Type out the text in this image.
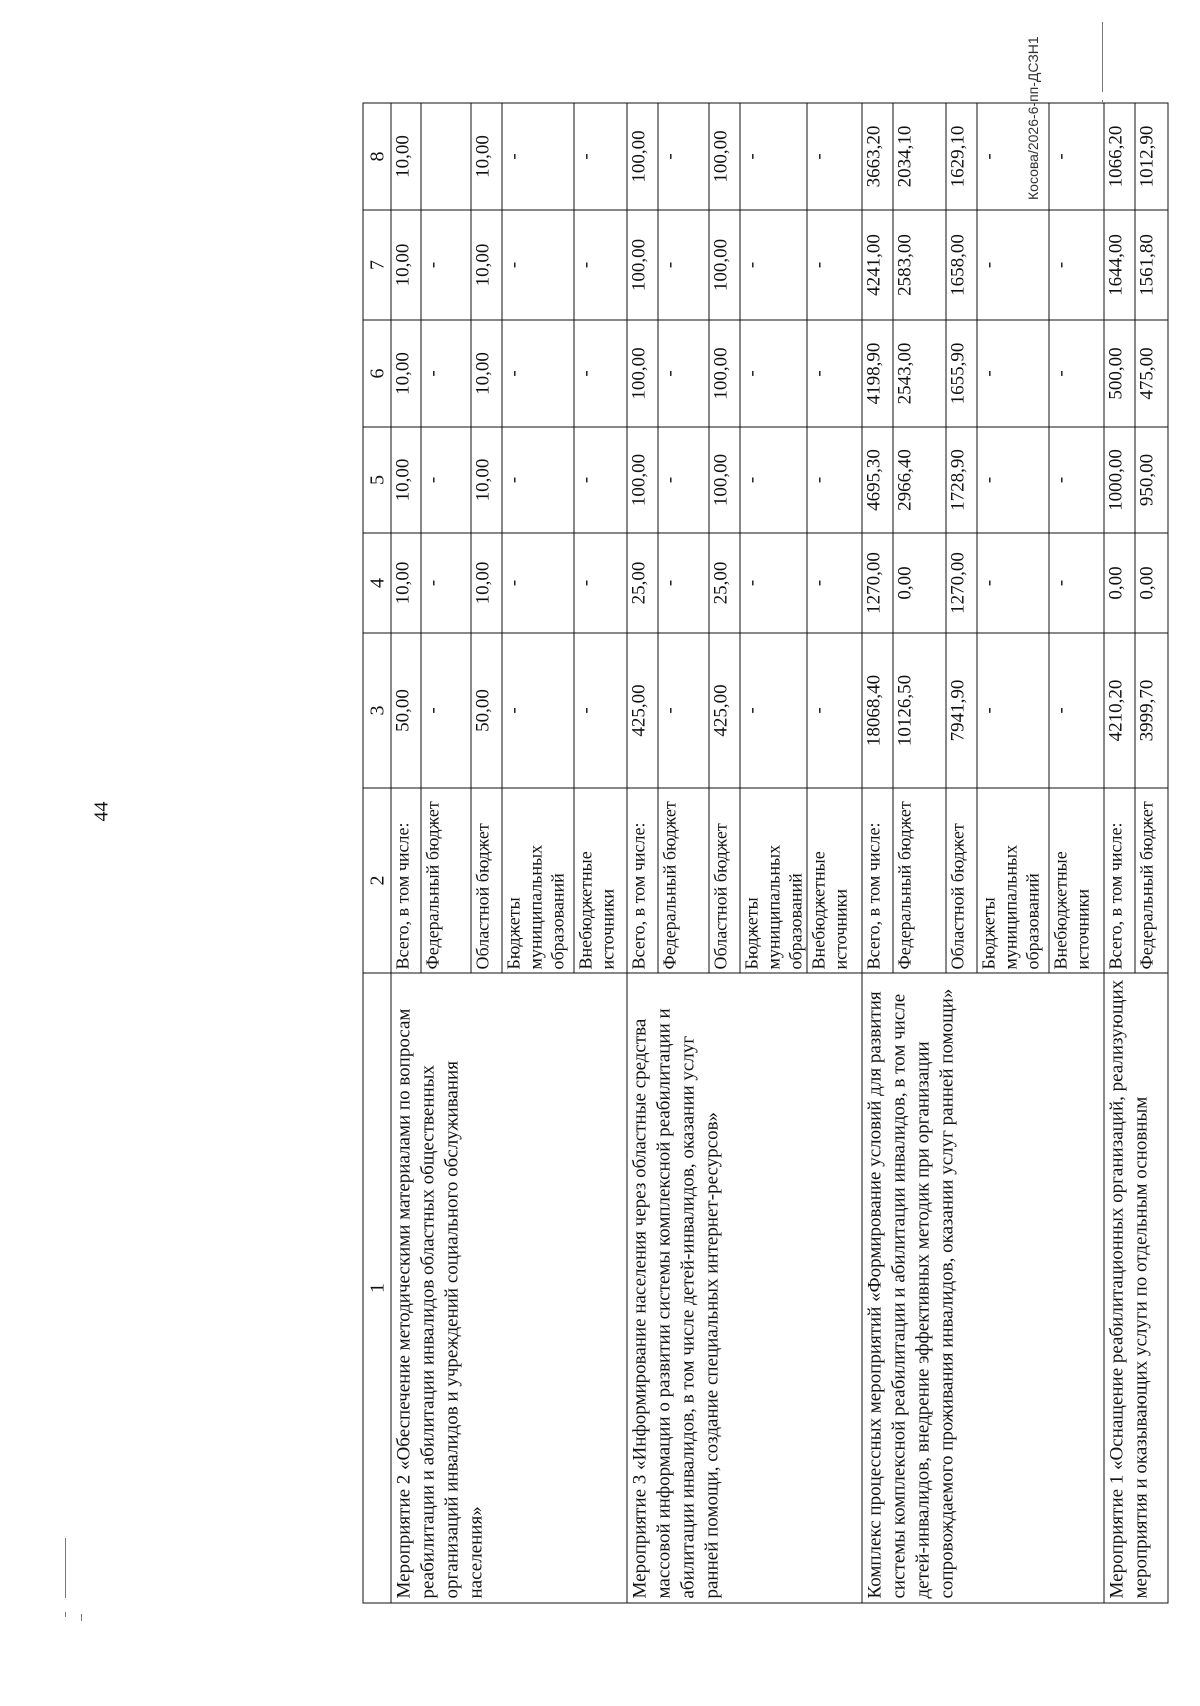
44
1	2	3	4	5	6	7	8
Мероприятие 2 «Обеспечение методическими материалами по вопросам реабилитации и абилитации инвалидов областных общественных организаций инвалидов и учреждений социального обслуживания населения»	Всего, в том числе:	50,00	10,00	10,00	10,00	10,00	10,00
	Федеральный бюджет	-	-	-	-	-	
	Областной бюджет	50,00	10,00	10,00	10,00	10,00	10,00
	Бюджеты муниципальных образований	-	-	-	-	-	-
	Внебюджетные источники	-	-	-	-	-	-
Мероприятие 3 «Информирование населения через областные средства массовой информации о развитии системы комплексной реабилитации и абилитации инвалидов, в том числе детей-инвалидов, оказании услуг ранней помощи, создание специальных интернет-ресурсов»	Всего, в том числе:	425,00	25,00	100,00	100,00	100,00	100,00
	Федеральный бюджет	-	-	-	-	-	-
	Областной бюджет	425,00	25,00	100,00	100,00	100,00	100,00
	Бюджеты муниципальных образований	-	-	-	-	-	-
	Внебюджетные источники	-	-	-	-	-	-
Комплекс процессных мероприятий «Формирование условий для развития системы комплексной реабилитации и абилитации инвалидов, в том числе детей-инвалидов, внедрение эффективных методик при организации сопровождаемого проживания инвалидов, оказании услуг ранней помощи»	Всего, в том числе:	18068,40	1270,00	4695,30	4198,90	4241,00	3663,20
	Федеральный бюджет	10126,50	0,00	2966,40	2543,00	2583,00	2034,10
	Областной бюджет	7941,90	1270,00	1728,90	1655,90	1658,00	1629,10
	Бюджеты муниципальных образований	-	-	-	-	-	-
	Внебюджетные источники	-	-	-	-	-	-
Мероприятие 1 «Оснащение реабилитационных организаций, реализующих мероприятия и оказывающих услуги по отдельным основным	Всего, в том числе:	4210,20	0,00	1000,00	500,00	1644,00	1066,20
	Федеральный бюджет	3999,70	0,00	950,00	475,00	1561,80	1012,90
Косова/2026-6-пп-ДСЗН1
